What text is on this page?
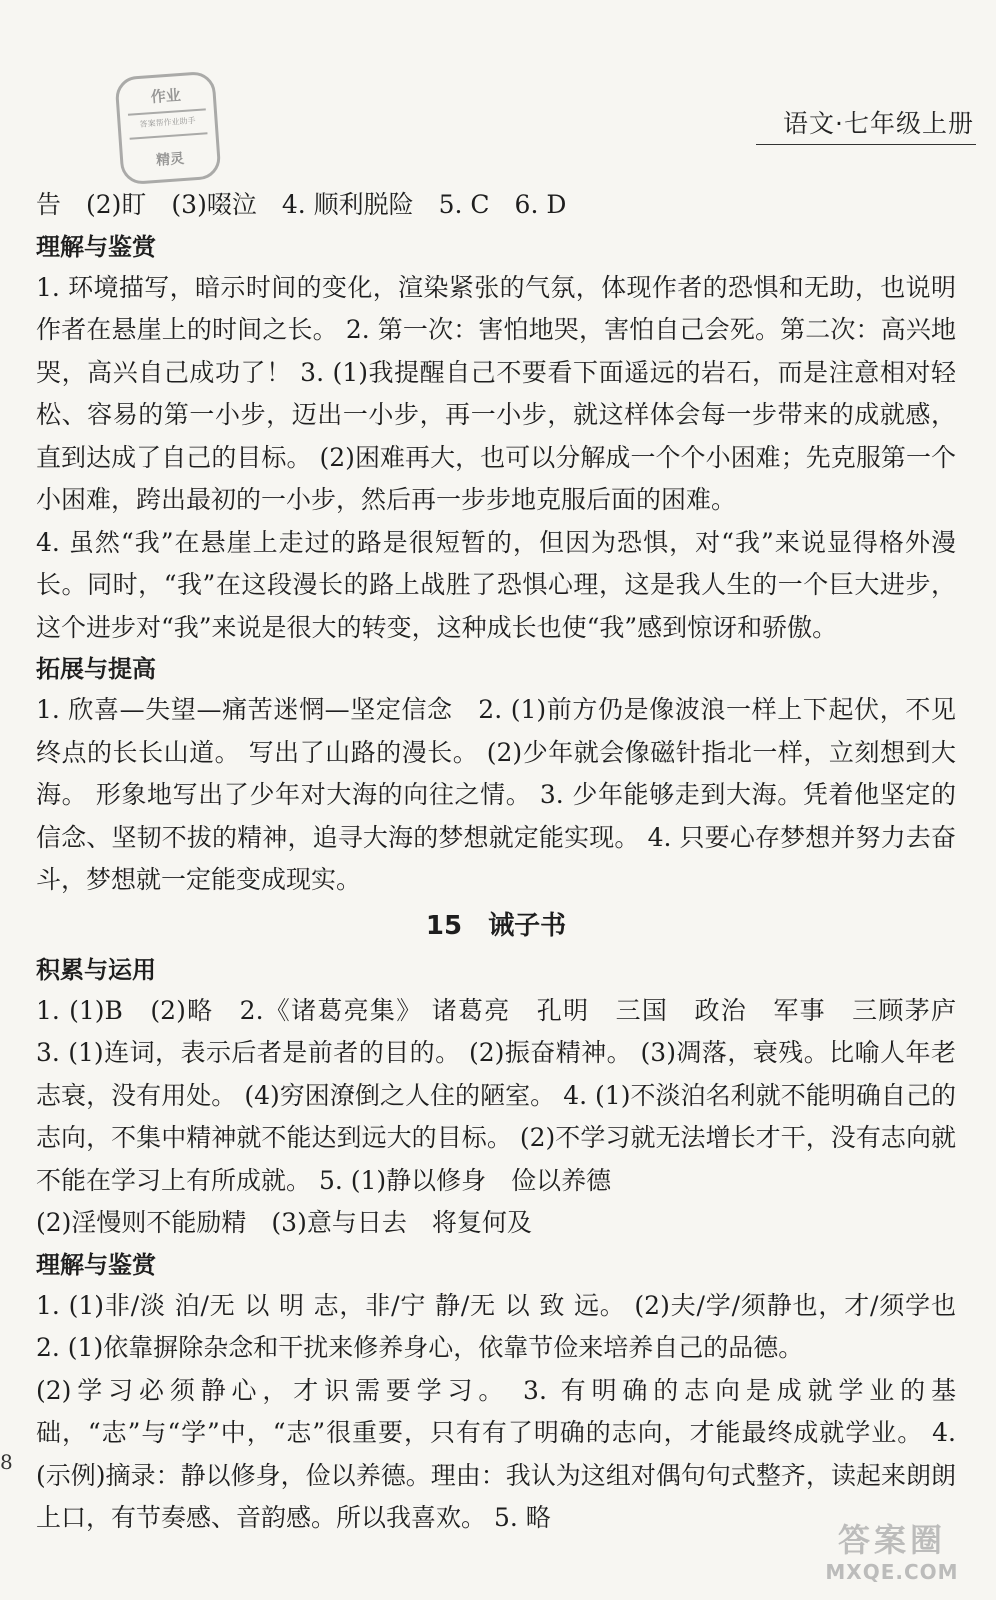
作业
答案帮作业助手
精灵
语文·七年级上册

告　(2)盯　(3)啜泣　4. 顺利脱险　5. C　6. D

理解与鉴赏

1. 环境描写，暗示时间的变化，渲染紧张的气氛，体现作者的恐惧和无助，也说明作者在悬崖上的时间之长。 2. 第一次：害怕地哭，害怕自己会死。第二次：高兴地哭，高兴自己成功了！ 3. (1)我提醒自己不要看下面遥远的岩石，而是注意相对轻松、容易的第一小步，迈出一小步，再一小步，就这样体会每一步带来的成就感，直到达成了自己的目标。 (2)困难再大，也可以分解成一个个小困难；先克服第一个小困难，跨出最初的一小步，然后再一步步地克服后面的困难。

4. 虽然“我”在悬崖上走过的路是很短暂的，但因为恐惧，对“我”来说显得格外漫长。同时，“我”在这段漫长的路上战胜了恐惧心理，这是我人生的一个巨大进步，这个进步对“我”来说是很大的转变，这种成长也使“我”感到惊讶和骄傲。

拓展与提高

1. 欣喜—失望—痛苦迷惘—坚定信念　2. (1)前方仍是像波浪一样上下起伏，不见终点的长长山道。 写出了山路的漫长。 (2)少年就会像磁针指北一样，立刻想到大海。 形象地写出了少年对大海的向往之情。 3. 少年能够走到大海。凭着他坚定的信念、坚韧不拔的精神，追寻大海的梦想就定能实现。 4. 只要心存梦想并努力去奋斗，梦想就一定能变成现实。

15　诫子书
积累与运用

1. (1)B　(2)略　2.《诸葛亮集》 诸葛亮　孔明　三国　政治　军事　三顾茅庐　3. (1)连词，表示后者是前者的目的。 (2)振奋精神。 (3)凋落，衰残。比喻人年老志衰，没有用处。 (4)穷困潦倒之人住的陋室。 4. (1)不淡泊名利就不能明确自己的志向，不集中精神就不能达到远大的目标。 (2)不学习就无法增长才干，没有志向就不能在学习上有所成就。 5. (1)静以修身　俭以养德

(2)淫慢则不能励精　(3)意与日去　将复何及

理解与鉴赏

1. (1)非/淡 泊/无 以 明 志，非/宁 静/无 以 致 远。 (2)夫/学/须静也，才/须学也　2. (1)依靠摒除杂念和干扰来修养身心，依靠节俭来培养自己的品德。

(2)学习必须静心，才识需要学习。 3. 有明确的志向是成就学业的基础，“志”与“学”中，“志”很重要，只有有了明确的志向，才能最终成就学业。 4. (示例)摘录：静以修身，俭以养德。理由：我认为这组对偶句句式整齐，读起来朗朗上口，有节奏感、音韵感。所以我喜欢。 5. 略

8
答案圈
MXQE.COM
